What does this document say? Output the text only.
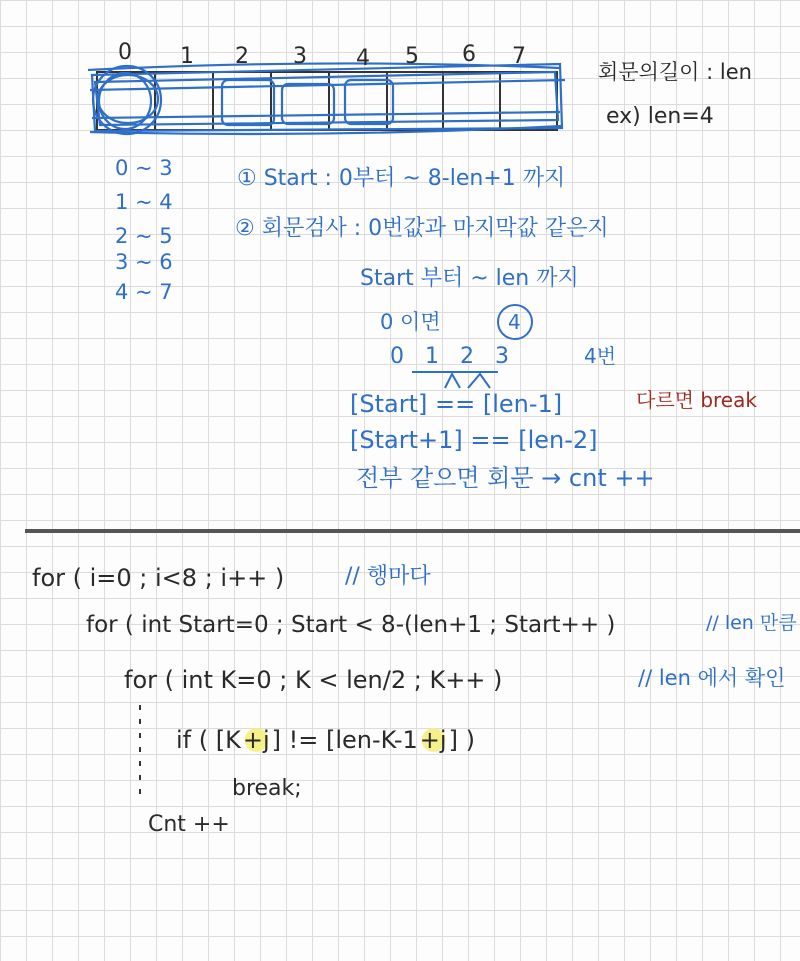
0 1 2 3 4 5 6 7
회문의길이 : len
ex) len=4
0 ~ 3
1 ~ 4
2 ~ 5
3 ~ 6
4 ~ 7
① Start : 0부터 ~ 8-len+1 까지
② 회문검사 : 0번값과 마지막값 같은지
Start 부터 ~ len 까지
0 이면	4
0 1 2 3	4번
[Start] == [len-1]	다르면 break
[Start+1] == [len-2]
전부 같으면 회문 → cnt ++
for ( i=0 ; i<8 ; i++ )	// 행마다
for ( int Start=0 ; Start < 8-(len+1 ; Start++ )	// len 만큼
for ( int K=0 ; K < len/2 ; K++ )	// len 에서 확인
if ( [K+j] != [len-K-1+j] )
break;
Cnt ++
